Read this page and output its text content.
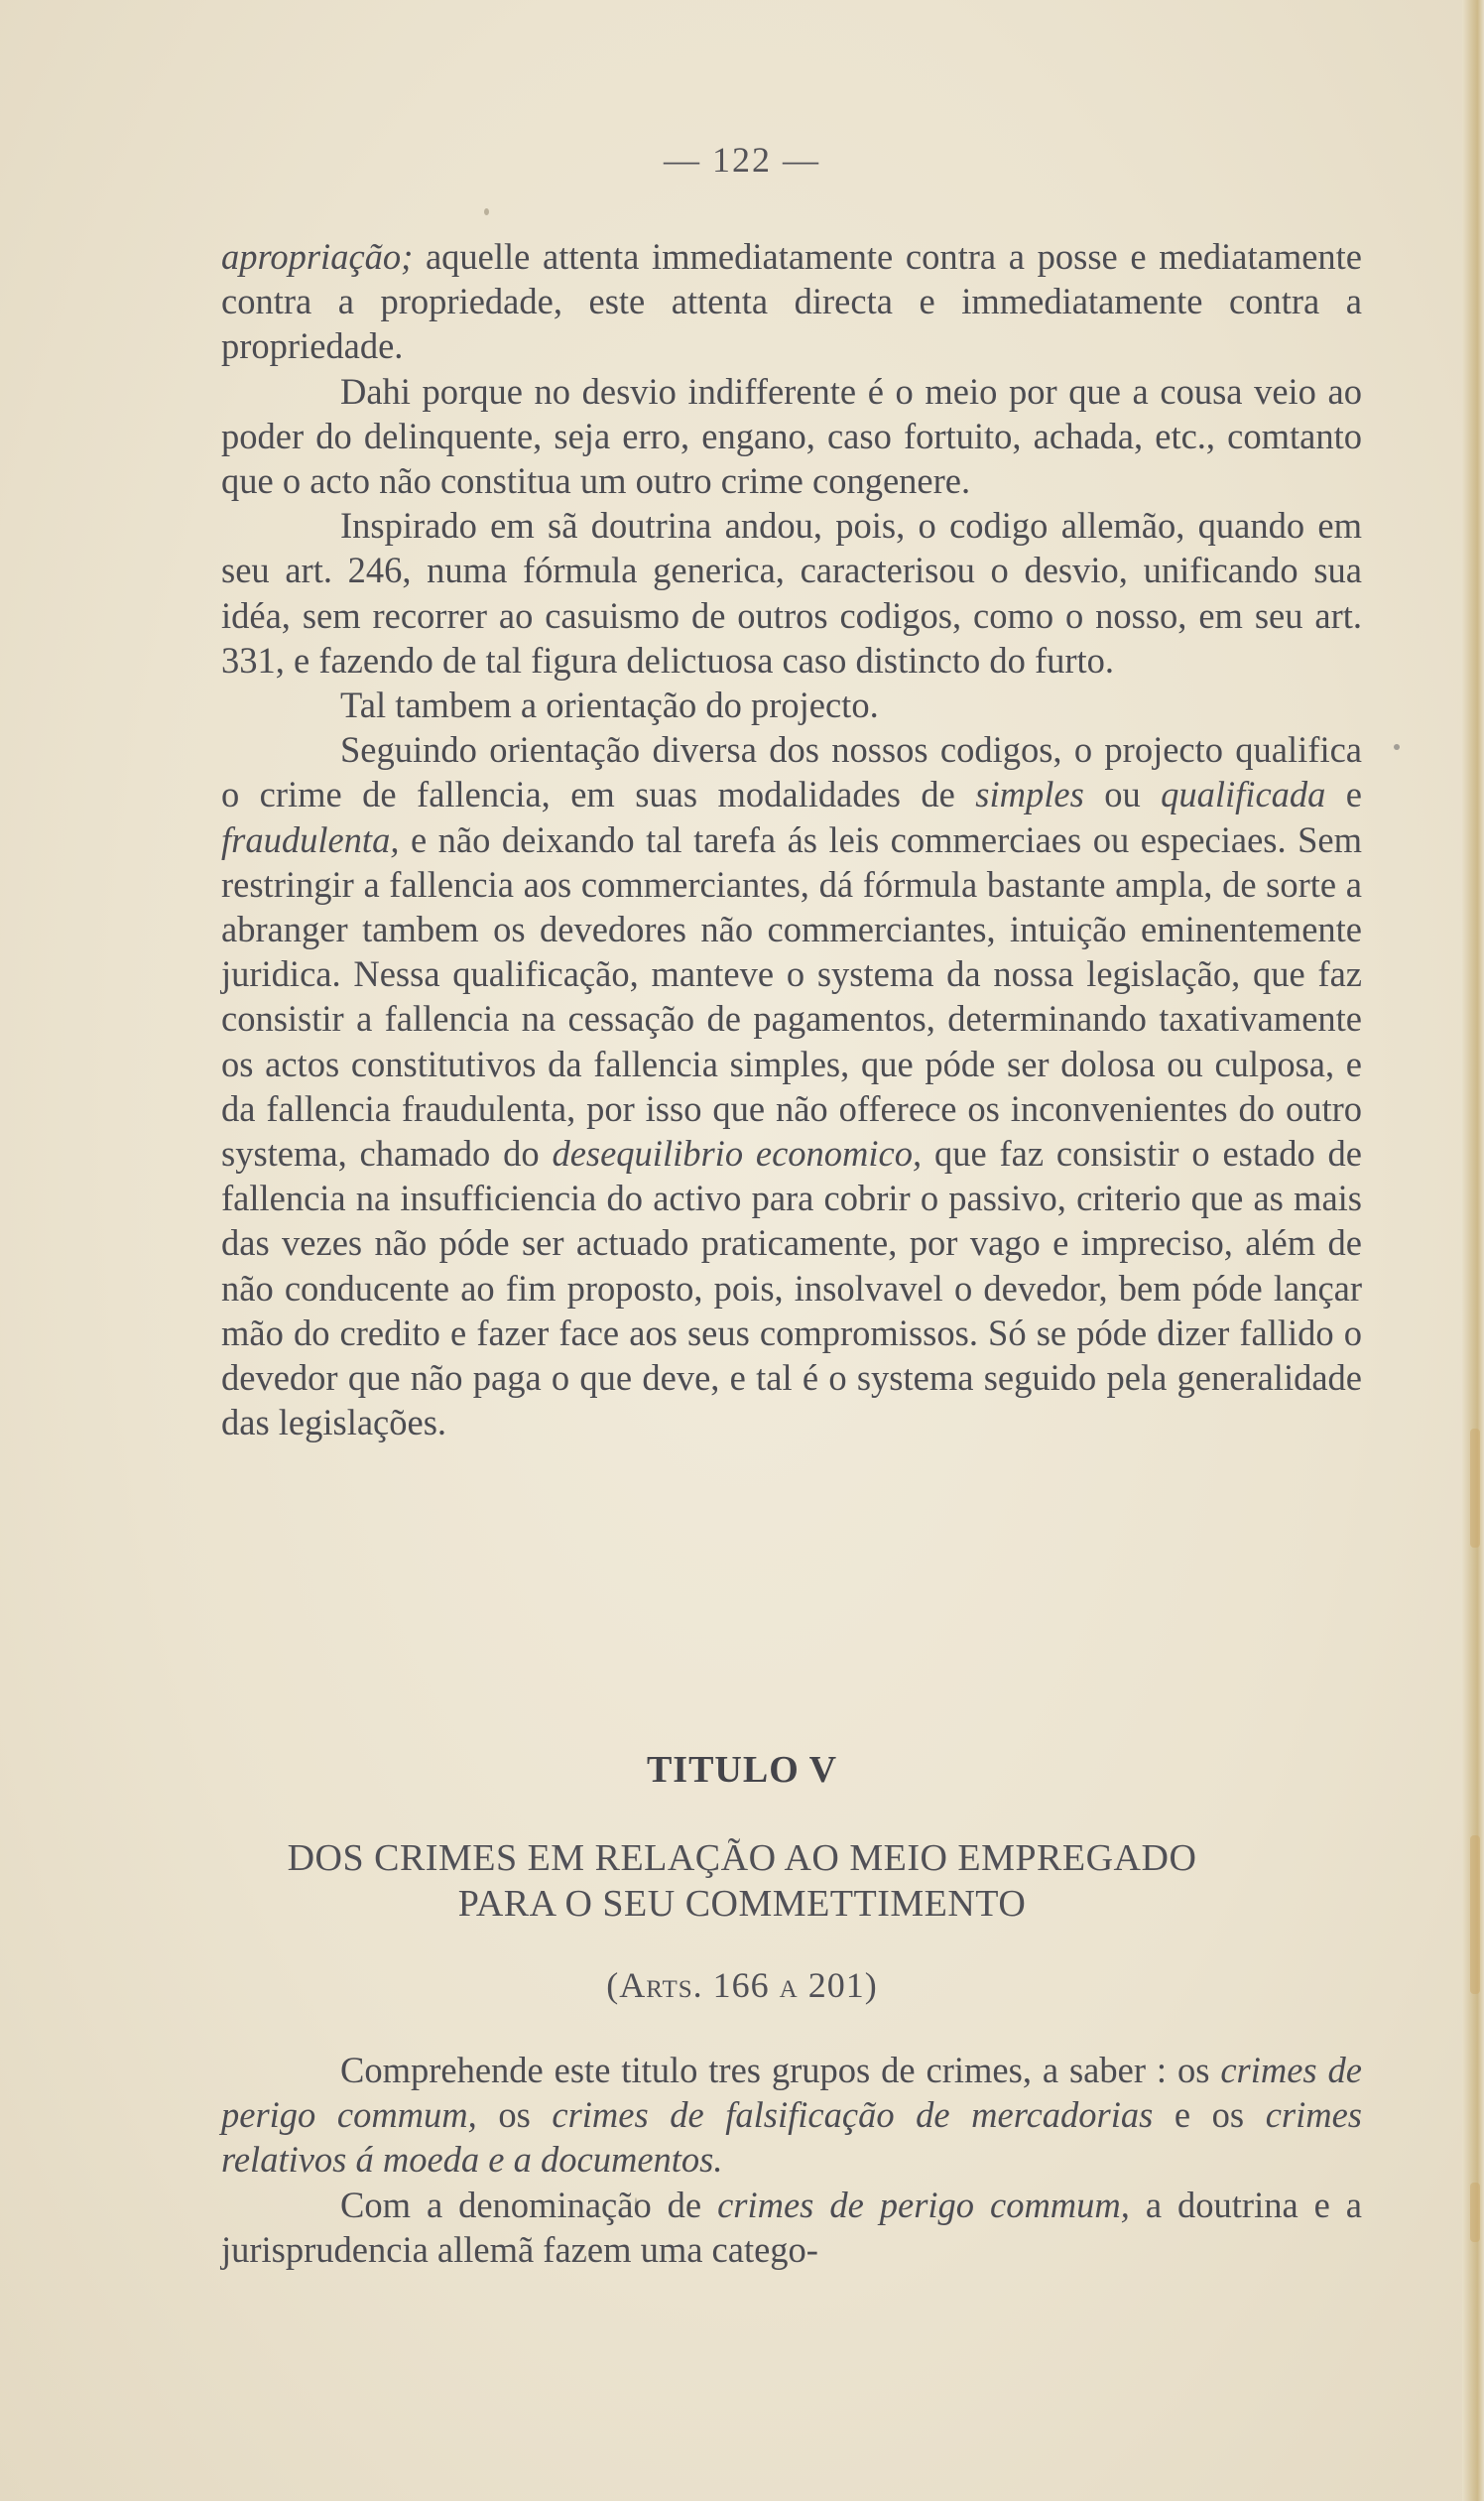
— 122 —

apropriação; aquelle attenta immediatamente contra a posse e mediatamente contra a propriedade, este attenta directa e immediatamente contra a propriedade.

Dahi porque no desvio indifferente é o meio por que a cousa veio ao poder do delinquente, seja erro, engano, caso fortuito, achada, etc., comtanto que o acto não constitua um outro crime congenere.

Inspirado em sã doutrina andou, pois, o codigo allemão, quando em seu art. 246, numa fórmula generica, caracterisou o desvio, unificando sua idéa, sem recorrer ao casuismo de outros codigos, como o nosso, em seu art. 331, e fazendo de tal figura delictuosa caso distincto do furto.

Tal tambem a orientação do projecto.

Seguindo orientação diversa dos nossos codigos, o projecto qualifica o crime de fallencia, em suas modalidades de simples ou qualificada e fraudulenta, e não deixando tal tarefa ás leis commerciaes ou especiaes. Sem restringir a fallencia aos commerciantes, dá fórmula bastante ampla, de sorte a abranger tambem os devedores não commerciantes, intuição eminentemente juridica. Nessa qualificação, manteve o systema da nossa legislação, que faz consistir a fallencia na cessação de pagamentos, determinando taxativamente os actos constitutivos da fallencia simples, que póde ser dolosa ou culposa, e da fallencia fraudulenta, por isso que não offerece os inconvenientes do outro systema, chamado do desequilibrio economico, que faz consistir o estado de fallencia na insufficiencia do activo para cobrir o passivo, criterio que as mais das vezes não póde ser actuado praticamente, por vago e impreciso, além de não conducente ao fim proposto, pois, insolvavel o devedor, bem póde lançar mão do credito e fazer face aos seus compromissos. Só se póde dizer fallido o devedor que não paga o que deve, e tal é o systema seguido pela generalidade das legislações.

TITULO V
DOS CRIMES EM RELAÇÃO AO MEIO EMPREGADO
PARA O SEU COMMETTIMENTO
(Arts. 166 a 201)

Comprehende este titulo tres grupos de crimes, a saber : os crimes de perigo commum, os crimes de falsificação de mercadorias e os crimes relativos á moeda e a documentos.

Com a denominação de crimes de perigo commum, a doutrina e a jurisprudencia allemã fazem uma catego-
